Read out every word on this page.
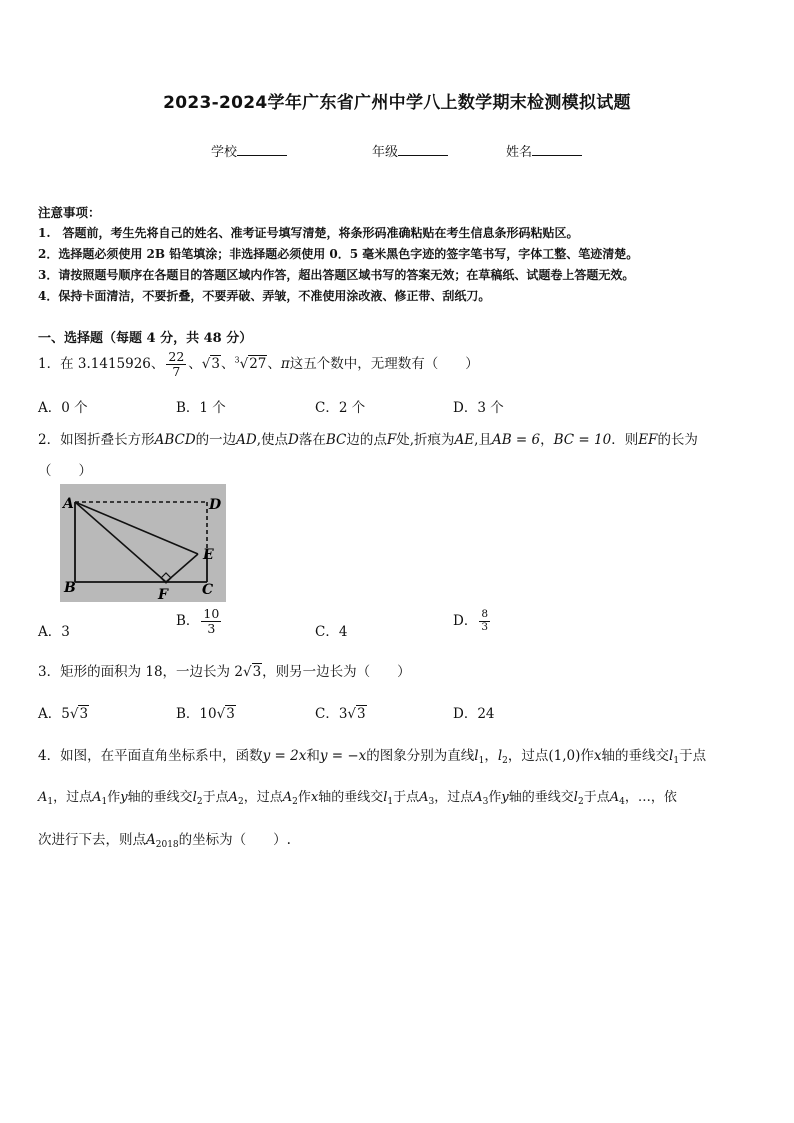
2023-2024学年广东省广州中学八上数学期末检测模拟试题
学校	年级	姓名
注意事项：
1.　答题前，考生先将自己的姓名、准考证号填写清楚，将条形码准确粘贴在考生信息条形码粘贴区。
2．选择题必须使用 2B 铅笔填涂；非选择题必须使用 0．5 毫米黑色字迹的签字笔书写，字体工整、笔迹清楚。
3．请按照题号顺序在各题目的答题区域内作答，超出答题区域书写的答案无效；在草稿纸、试题卷上答题无效。
4．保持卡面清洁，不要折叠，不要弄破、弄皱，不准使用涂改液、修正带、刮纸刀。
一、选择题（每题 4 分，共 48 分）
1．在 3.1415926、 $\frac{22}{7}$ 、√3、$^3$√27、π这五个数中，无理数有（　　）
A．0 个	B．1 个	C．2 个	D．3 个
2．如图折叠长方形ABCD的一边AD,使点D落在BC边的点F处,折痕为AE,且AB = 6，BC = 10．则EF的长为
（　　）
A	D
E
B	F C
A．3
B． $\frac{10}{3}$	C．4
D． $\frac{8}{3}$
3．矩形的面积为 18，一边长为 2√3，则另一边长为（　　）
A．5√3	B．10√3	C．3√3	D．24
4．如图，在平面直角坐标系中，函数y = 2x和y = −x的图象分别为直线$l_1$，$l_2$，过点(1,0)作x轴的垂线交$l_1$于点
$A_1$，过点$A_1$作y轴的垂线交$l_2$于点$A_2$，过点$A_2$作x轴的垂线交$l_1$于点$A_3$，过点$A_3$作y轴的垂线交$l_2$于点$A_4$，…，依
次进行下去，则点$A_{2018}$的坐标为（　　）.
